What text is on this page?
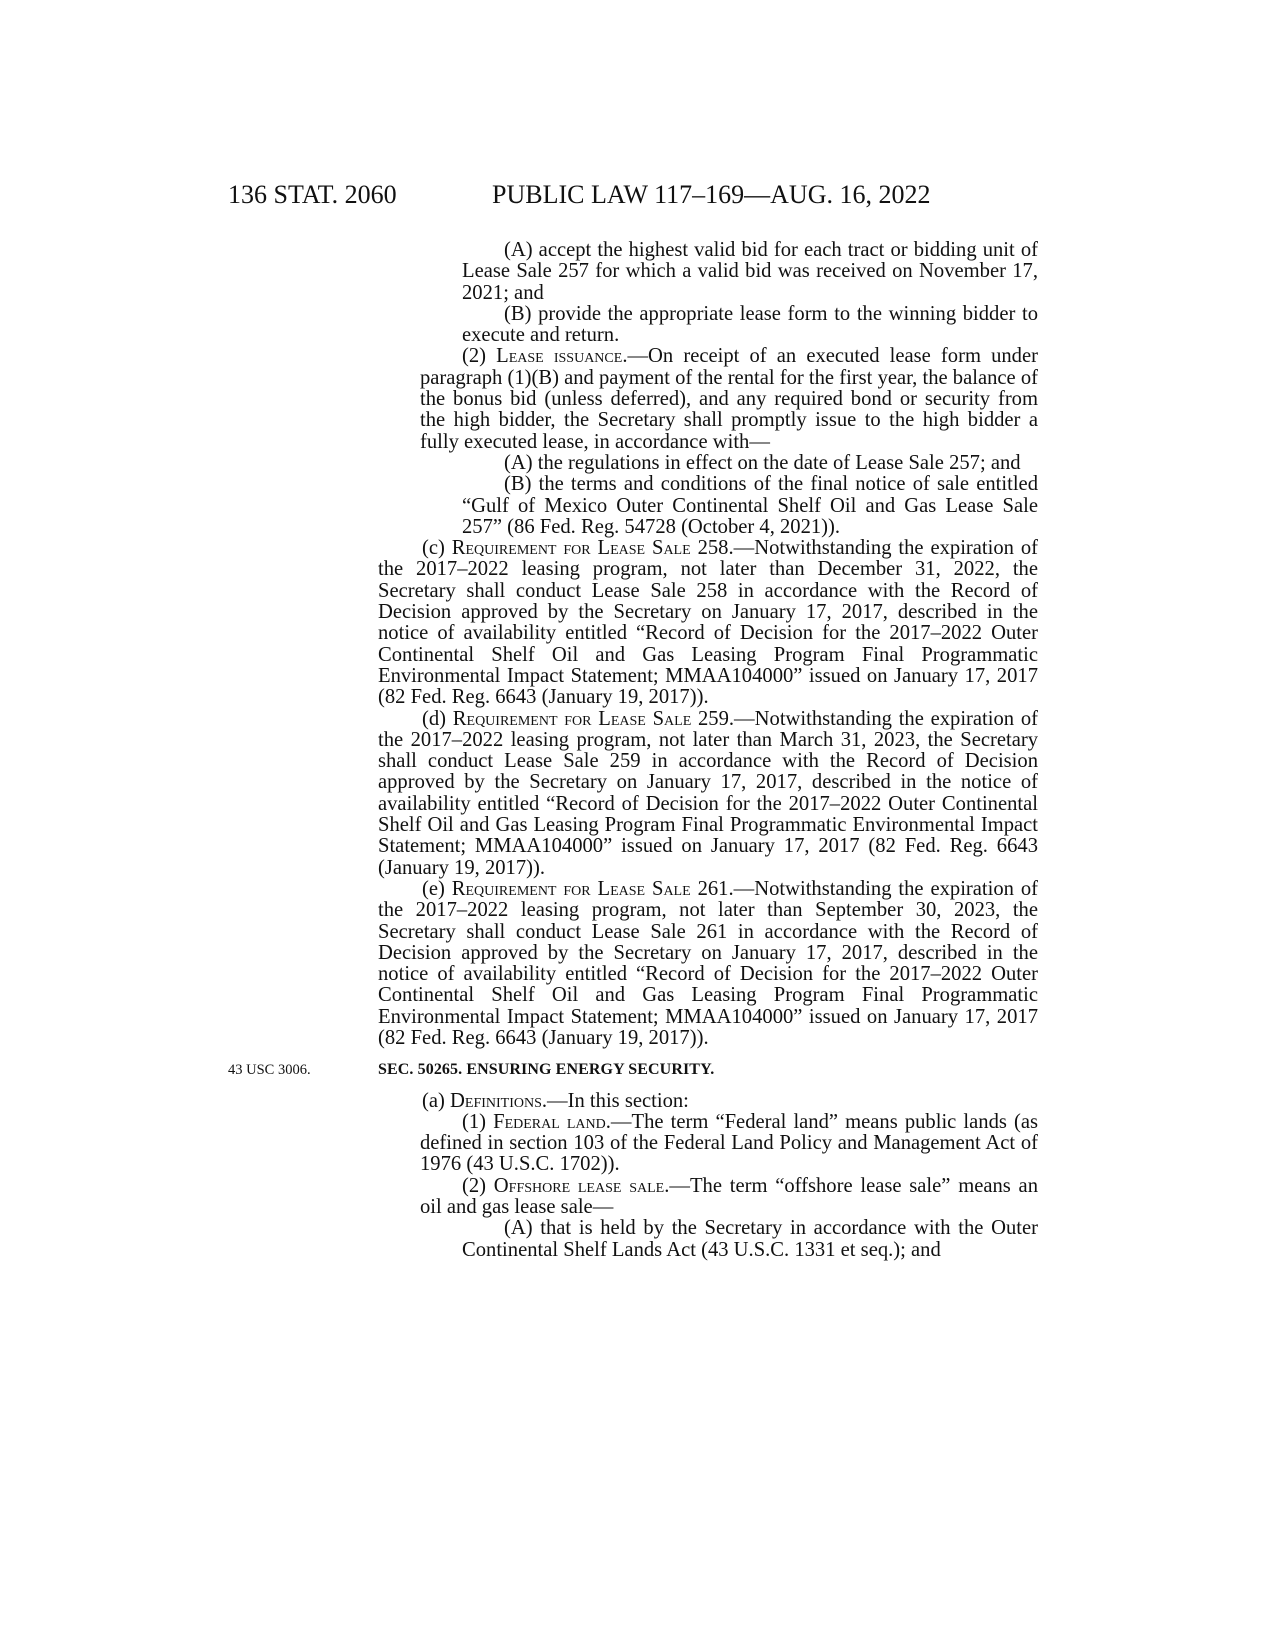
136 STAT. 2060	PUBLIC LAW 117–169—AUG. 16, 2022

(A) accept the highest valid bid for each tract or bidding unit of Lease Sale 257 for which a valid bid was received on November 17, 2021; and

(B) provide the appropriate lease form to the winning bidder to execute and return.

(2) Lease issuance.—On receipt of an executed lease form under paragraph (1)(B) and payment of the rental for the first year, the balance of the bonus bid (unless deferred), and any required bond or security from the high bidder, the Secretary shall promptly issue to the high bidder a fully executed lease, in accordance with—

(A) the regulations in effect on the date of Lease Sale 257; and

(B) the terms and conditions of the final notice of sale entitled “Gulf of Mexico Outer Continental Shelf Oil and Gas Lease Sale 257” (86 Fed. Reg. 54728 (October 4, 2021)).

(c) Requirement for Lease Sale 258.—Notwithstanding the expiration of the 2017–2022 leasing program, not later than December 31, 2022, the Secretary shall conduct Lease Sale 258 in accordance with the Record of Decision approved by the Secretary on January 17, 2017, described in the notice of availability entitled “Record of Decision for the 2017–2022 Outer Continental Shelf Oil and Gas Leasing Program Final Programmatic Environmental Impact Statement; MMAA104000” issued on January 17, 2017 (82 Fed. Reg. 6643 (January 19, 2017)).

(d) Requirement for Lease Sale 259.—Notwithstanding the expiration of the 2017–2022 leasing program, not later than March 31, 2023, the Secretary shall conduct Lease Sale 259 in accordance with the Record of Decision approved by the Secretary on January 17, 2017, described in the notice of availability entitled “Record of Decision for the 2017–2022 Outer Continental Shelf Oil and Gas Leasing Program Final Programmatic Environmental Impact Statement; MMAA104000” issued on January 17, 2017 (82 Fed. Reg. 6643 (January 19, 2017)).

(e) Requirement for Lease Sale 261.—Notwithstanding the expiration of the 2017–2022 leasing program, not later than September 30, 2023, the Secretary shall conduct Lease Sale 261 in accordance with the Record of Decision approved by the Secretary on January 17, 2017, described in the notice of availability entitled “Record of Decision for the 2017–2022 Outer Continental Shelf Oil and Gas Leasing Program Final Programmatic Environmental Impact Statement; MMAA104000” issued on January 17, 2017 (82 Fed. Reg. 6643 (January 19, 2017)).

43 USC 3006.	SEC. 50265. ENSURING ENERGY SECURITY.

(a) Definitions.—In this section:

(1) Federal land.—The term “Federal land” means public lands (as defined in section 103 of the Federal Land Policy and Management Act of 1976 (43 U.S.C. 1702)).

(2) Offshore lease sale.—The term “offshore lease sale” means an oil and gas lease sale—

(A) that is held by the Secretary in accordance with the Outer Continental Shelf Lands Act (43 U.S.C. 1331 et seq.); and
